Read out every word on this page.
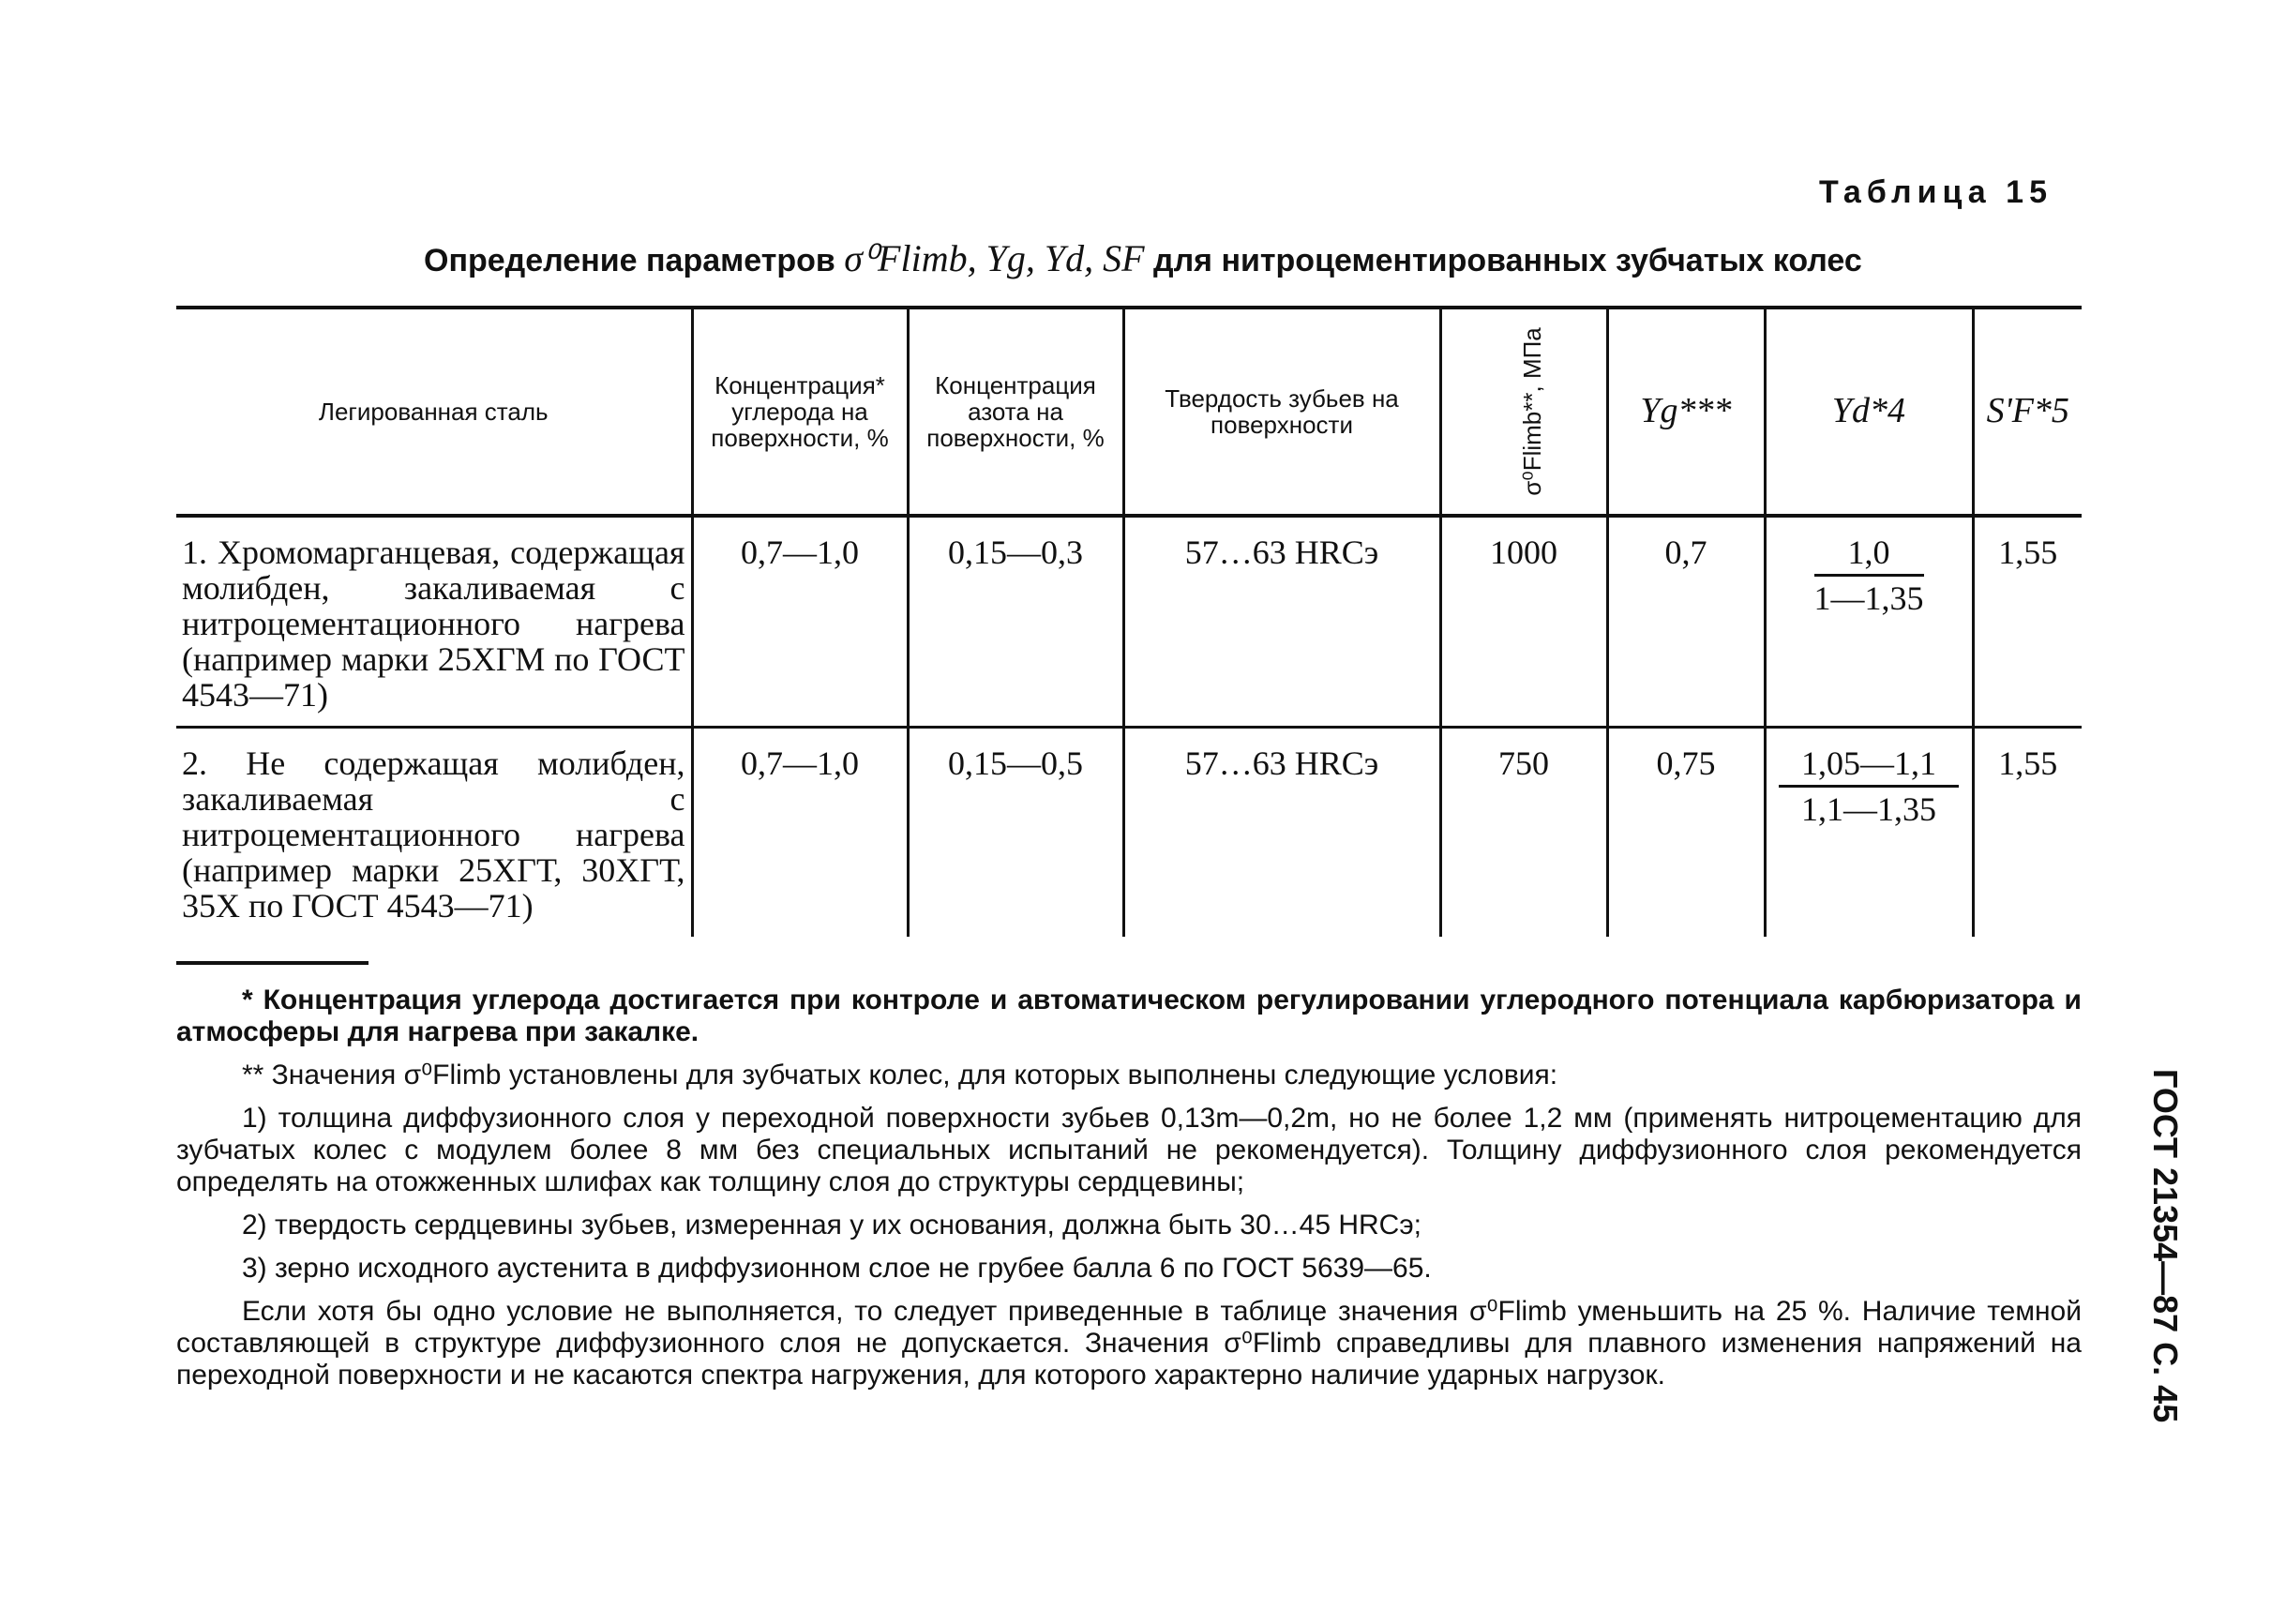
Таблица 15
Определение параметров σ⁰Flimb, Yg, Yd, SF для нитроцементированных зубчатых колес
Легированная сталь	Концентрация* углерода на поверхности, %	Концентрация азота на поверхности, %	Твердость зубьев на поверхности	σ⁰Flimb**, МПа	Yg***	Yd*4	S'F*5
1. Хромомарганцевая, содержащая молибден, закаливаемая с нитроцементационного нагрева (например марки 25ХГМ по ГОСТ 4543—71)	0,7—1,0	0,15—0,3	57…63 HRCэ	1000	0,7	$\frac{1,0}{1—1,35}$	1,55
2. Не содержащая молибден, закаливаемая с нитроцементационного нагрева (например марки 25ХГТ, 30ХГТ, 35Х по ГОСТ 4543—71)	0,7—1,0	0,15—0,5	57…63 HRCэ	750	0,75	$\frac{1,05—1,1}{1,1—1,35}$	1,55

* Концентрация углерода достигается при контроле и автоматическом регулировании углеродного потенциала карбюризатора и атмосферы для нагрева при закалке.

** Значения σ⁰Flimb установлены для зубчатых колес, для которых выполнены следующие условия:

1) толщина диффузионного слоя у переходной поверхности зубьев 0,13m—0,2m, но не более 1,2 мм (применять нитроцементацию для зубчатых колес с модулем более 8 мм без специальных испытаний не рекомендуется). Толщину диффузионного слоя рекомендуется определять на отожженных шлифах как толщину слоя до структуры сердцевины;

2) твердость сердцевины зубьев, измеренная у их основания, должна быть 30…45 HRCэ;

3) зерно исходного аустенита в диффузионном слое не грубее балла 6 по ГОСТ 5639—65.

Если хотя бы одно условие не выполняется, то следует приведенные в таблице значения σ⁰Flimb уменьшить на 25 %. Наличие темной составляющей в структуре диффузионного слоя не допускается. Значения σ⁰Flimb справедливы для плавного изменения напряжений на переходной поверхности и не касаются спектра нагружения, для которого характерно наличие ударных нагрузок.	ГОСТ 21354—87 С. 45
